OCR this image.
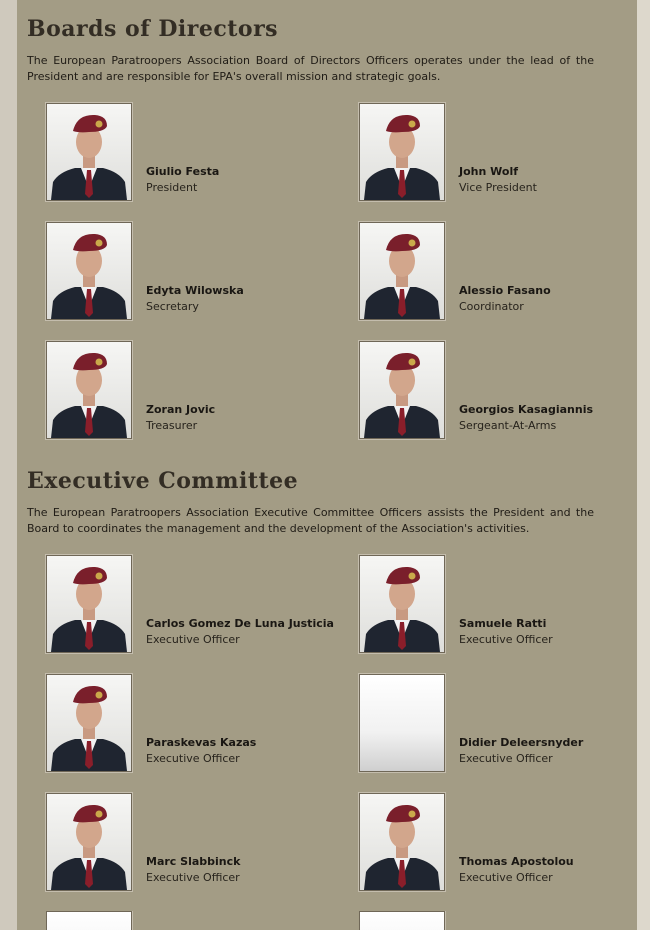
Boards of Directors

The European Paratroopers Association Board of Directors Officers operates under the lead of the President and are responsible for EPA's overall mission and strategic goals.

Giulio Festa
President
John Wolf
Vice President
Edyta Wilowska
Secretary
Alessio Fasano
Coordinator
Zoran Jovic
Treasurer
Georgios Kasagiannis
Sergeant-At-Arms
Executive Committee

The European Paratroopers Association Executive Committee Officers assists the President and the Board to coordinates the management and the development of the Association's activities.

Carlos Gomez De Luna Justicia
Executive Officer
Samuele Ratti
Executive Officer
Paraskevas Kazas
Executive Officer
Didier Deleersnyder
Executive Officer
Marc Slabbinck
Executive Officer
Thomas Apostolou
Executive Officer
